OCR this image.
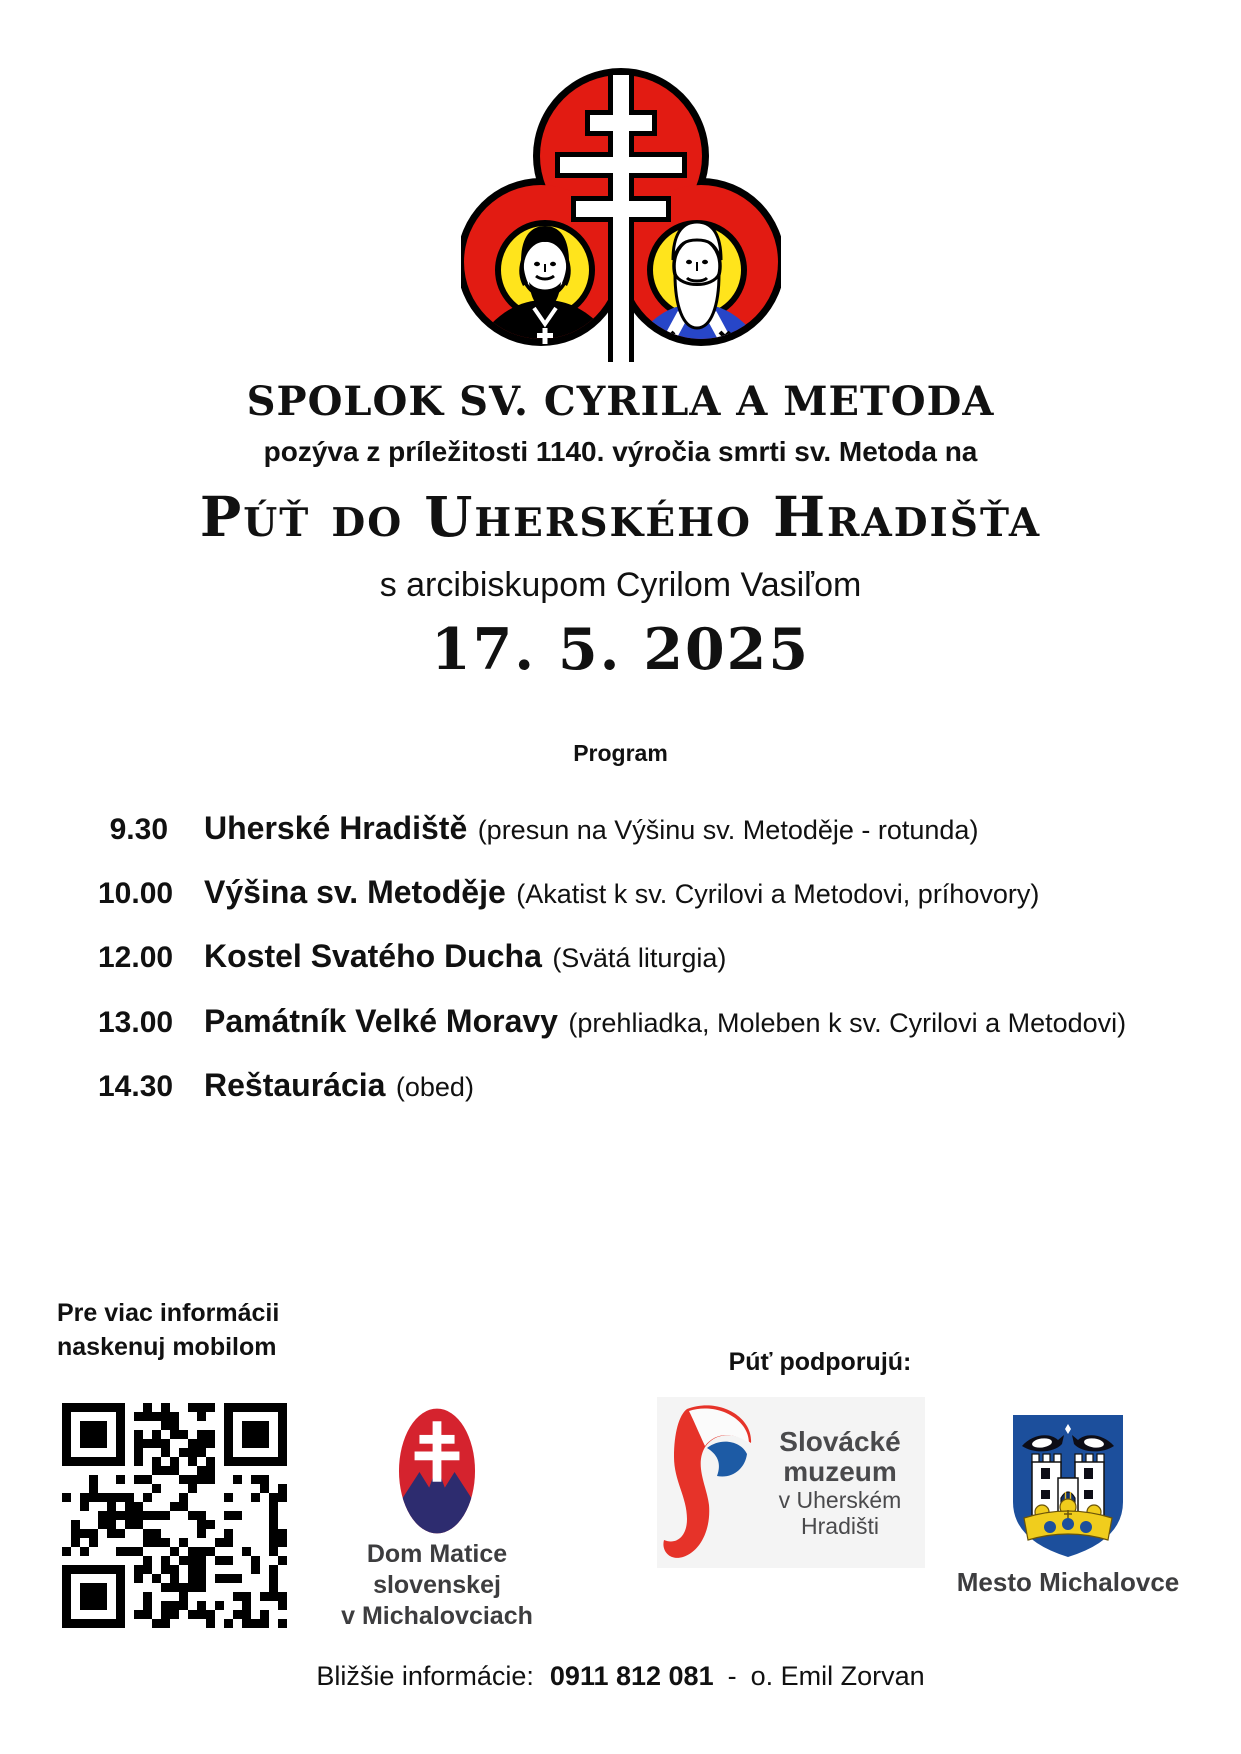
SPOLOK SV. CYRILA A METODA
pozýva z príležitosti 1140. výročia smrti sv. Metoda na
Púť do Uherského Hradišťa
s arcibiskupom Cyrilom Vasiľom
17. 5. 2025
Program
9.30 Uherské Hradiště (presun na Výšinu sv. Metoděje - rotunda)
10.00 Výšina sv. Metoděje (Akatist k sv. Cyrilovi a Metodovi, príhovory)
12.00 Kostel Svatého Ducha (Svätá liturgia)
13.00 Památník Velké Moravy (prehliadka, Moleben k sv. Cyrilovi a Metodovi)
14.30 Reštaurácia (obed)
Pre viac informácii
naskenuj mobilom
Púť podporujú:
Dom Matice slovenskej
v Michalovciach
Slovácké
muzeum
v Uherském
Hradišti
Mesto Michalovce
Bližšie informácie: 0911 812 081 - o. Emil Zorvan
